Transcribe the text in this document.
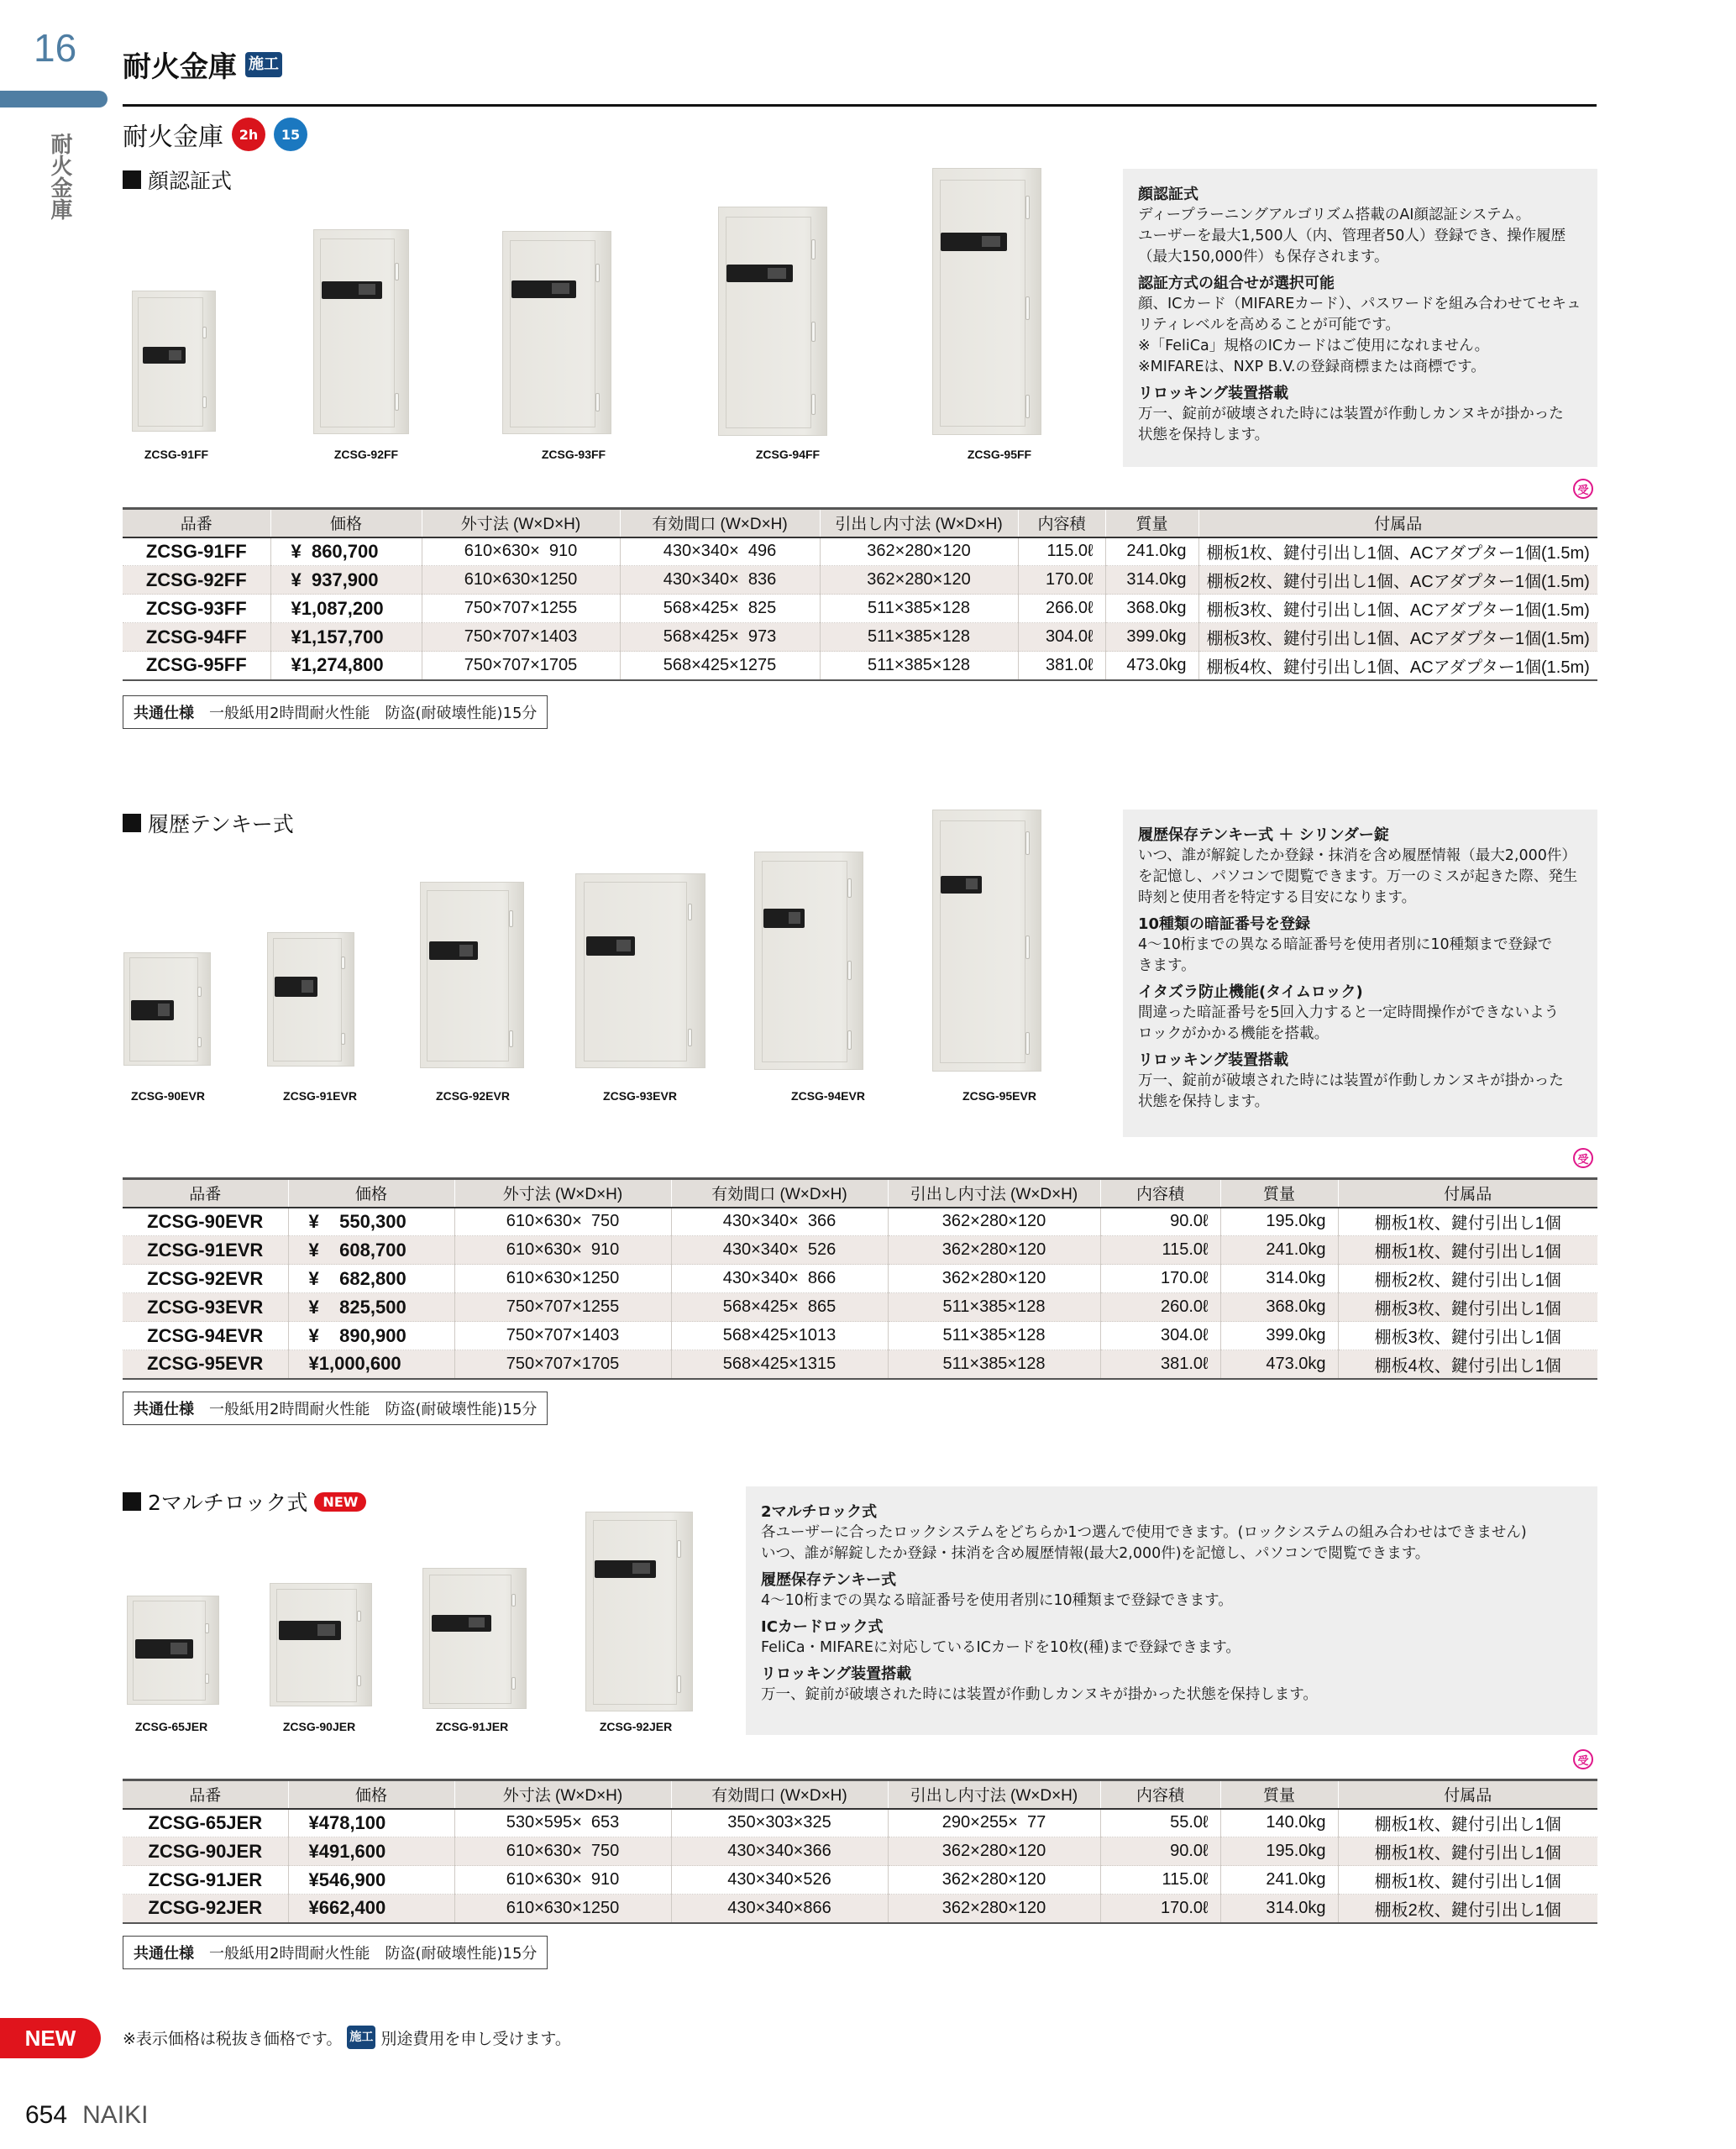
16
耐火金庫
耐火金庫 施工
耐火金庫	2h	15
顔認証式
ZCSG-91FF	ZCSG-92FF	ZCSG-93FF	ZCSG-94FF	ZCSG-95FF
顔認証式
ディープラーニングアルゴリズム搭載のAI顔認証システム。
ユーザーを最大1,500人（内、管理者50人）登録でき、操作履歴
（最大150,000件）も保存されます。
認証方式の組合せが選択可能
顔、ICカード（MIFAREカード）、パスワードを組み合わせてセキュ
リティレベルを高めることが可能です。
※「FeliCa」規格のICカードはご使用になれません。
※MIFAREは、NXP B.V.の登録商標または商標です。
リロッキング装置搭載
万一、錠前が破壊された時には装置が作動しカンヌキが掛かった
状態を保持します。
受
品番	価格	外寸法 (W×D×H)	有効間口 (W×D×H)	引出し内寸法 (W×D×H)	内容積	質量	付属品
ZCSG-91FF	¥  860,700	610×630×  910	430×340×  496	362×280×120	115.0ℓ	241.0kg	棚板1枚、鍵付引出し1個、ACアダプター1個(1.5m)
ZCSG-92FF	¥  937,900	610×630×1250	430×340×  836	362×280×120	170.0ℓ	314.0kg	棚板2枚、鍵付引出し1個、ACアダプター1個(1.5m)
ZCSG-93FF	¥1,087,200	750×707×1255	568×425×  825	511×385×128	266.0ℓ	368.0kg	棚板3枚、鍵付引出し1個、ACアダプター1個(1.5m)
ZCSG-94FF	¥1,157,700	750×707×1403	568×425×  973	511×385×128	304.0ℓ	399.0kg	棚板3枚、鍵付引出し1個、ACアダプター1個(1.5m)
ZCSG-95FF	¥1,274,800	750×707×1705	568×425×1275	511×385×128	381.0ℓ	473.0kg	棚板4枚、鍵付引出し1個、ACアダプター1個(1.5m)
共通仕様 一般紙用2時間耐火性能　防盗(耐破壊性能)15分
履歴テンキー式
ZCSG-90EVR	ZCSG-91EVR	ZCSG-92EVR	ZCSG-93EVR	ZCSG-94EVR	ZCSG-95EVR
履歴保存テンキー式 ＋ シリンダー錠
いつ、誰が解錠したか登録・抹消を含め履歴情報（最大2,000件）
を記憶し、パソコンで閲覧できます。万一のミスが起きた際、発生
時刻と使用者を特定する目安になります。
10種類の暗証番号を登録
4～10桁までの異なる暗証番号を使用者別に10種類まで登録で
きます。
イタズラ防止機能(タイムロック)
間違った暗証番号を5回入力すると一定時間操作ができないよう
ロックがかかる機能を搭載。
リロッキング装置搭載
万一、錠前が破壊された時には装置が作動しカンヌキが掛かった
状態を保持します。
受
品番	価格	外寸法 (W×D×H)	有効間口 (W×D×H)	引出し内寸法 (W×D×H)	内容積	質量	付属品
ZCSG-90EVR	¥    550,300	610×630×  750	430×340×  366	362×280×120	90.0ℓ	195.0kg	棚板1枚、鍵付引出し1個
ZCSG-91EVR	¥    608,700	610×630×  910	430×340×  526	362×280×120	115.0ℓ	241.0kg	棚板1枚、鍵付引出し1個
ZCSG-92EVR	¥    682,800	610×630×1250	430×340×  866	362×280×120	170.0ℓ	314.0kg	棚板2枚、鍵付引出し1個
ZCSG-93EVR	¥    825,500	750×707×1255	568×425×  865	511×385×128	260.0ℓ	368.0kg	棚板3枚、鍵付引出し1個
ZCSG-94EVR	¥    890,900	750×707×1403	568×425×1013	511×385×128	304.0ℓ	399.0kg	棚板3枚、鍵付引出し1個
ZCSG-95EVR	¥1,000,600	750×707×1705	568×425×1315	511×385×128	381.0ℓ	473.0kg	棚板4枚、鍵付引出し1個
共通仕様 一般紙用2時間耐火性能　防盗(耐破壊性能)15分
2マルチロック式	NEW
ZCSG-65JER	ZCSG-90JER	ZCSG-91JER	ZCSG-92JER
2マルチロック式
各ユーザーに合ったロックシステムをどちらか1つ選んで使用できます。(ロックシステムの組み合わせはできません)
いつ、誰が解錠したか登録・抹消を含め履歴情報(最大2,000件)を記憶し、パソコンで閲覧できます。
履歴保存テンキー式
4～10桁までの異なる暗証番号を使用者別に10種類まで登録できます。
ICカードロック式
FeliCa・MIFAREに対応しているICカードを10枚(種)まで登録できます。
リロッキング装置搭載
万一、錠前が破壊された時には装置が作動しカンヌキが掛かった状態を保持します。
受
品番	価格	外寸法 (W×D×H)	有効間口 (W×D×H)	引出し内寸法 (W×D×H)	内容積	質量	付属品
ZCSG-65JER	¥478,100	530×595×  653	350×303×325	290×255×  77	55.0ℓ	140.0kg	棚板1枚、鍵付引出し1個
ZCSG-90JER	¥491,600	610×630×  750	430×340×366	362×280×120	90.0ℓ	195.0kg	棚板1枚、鍵付引出し1個
ZCSG-91JER	¥546,900	610×630×  910	430×340×526	362×280×120	115.0ℓ	241.0kg	棚板1枚、鍵付引出し1個
ZCSG-92JER	¥662,400	610×630×1250	430×340×866	362×280×120	170.0ℓ	314.0kg	棚板2枚、鍵付引出し1個
共通仕様 一般紙用2時間耐火性能　防盗(耐破壊性能)15分
NEW	※表示価格は税抜き価格です。 施工 別途費用を申し受けます。
654 NAIKI
